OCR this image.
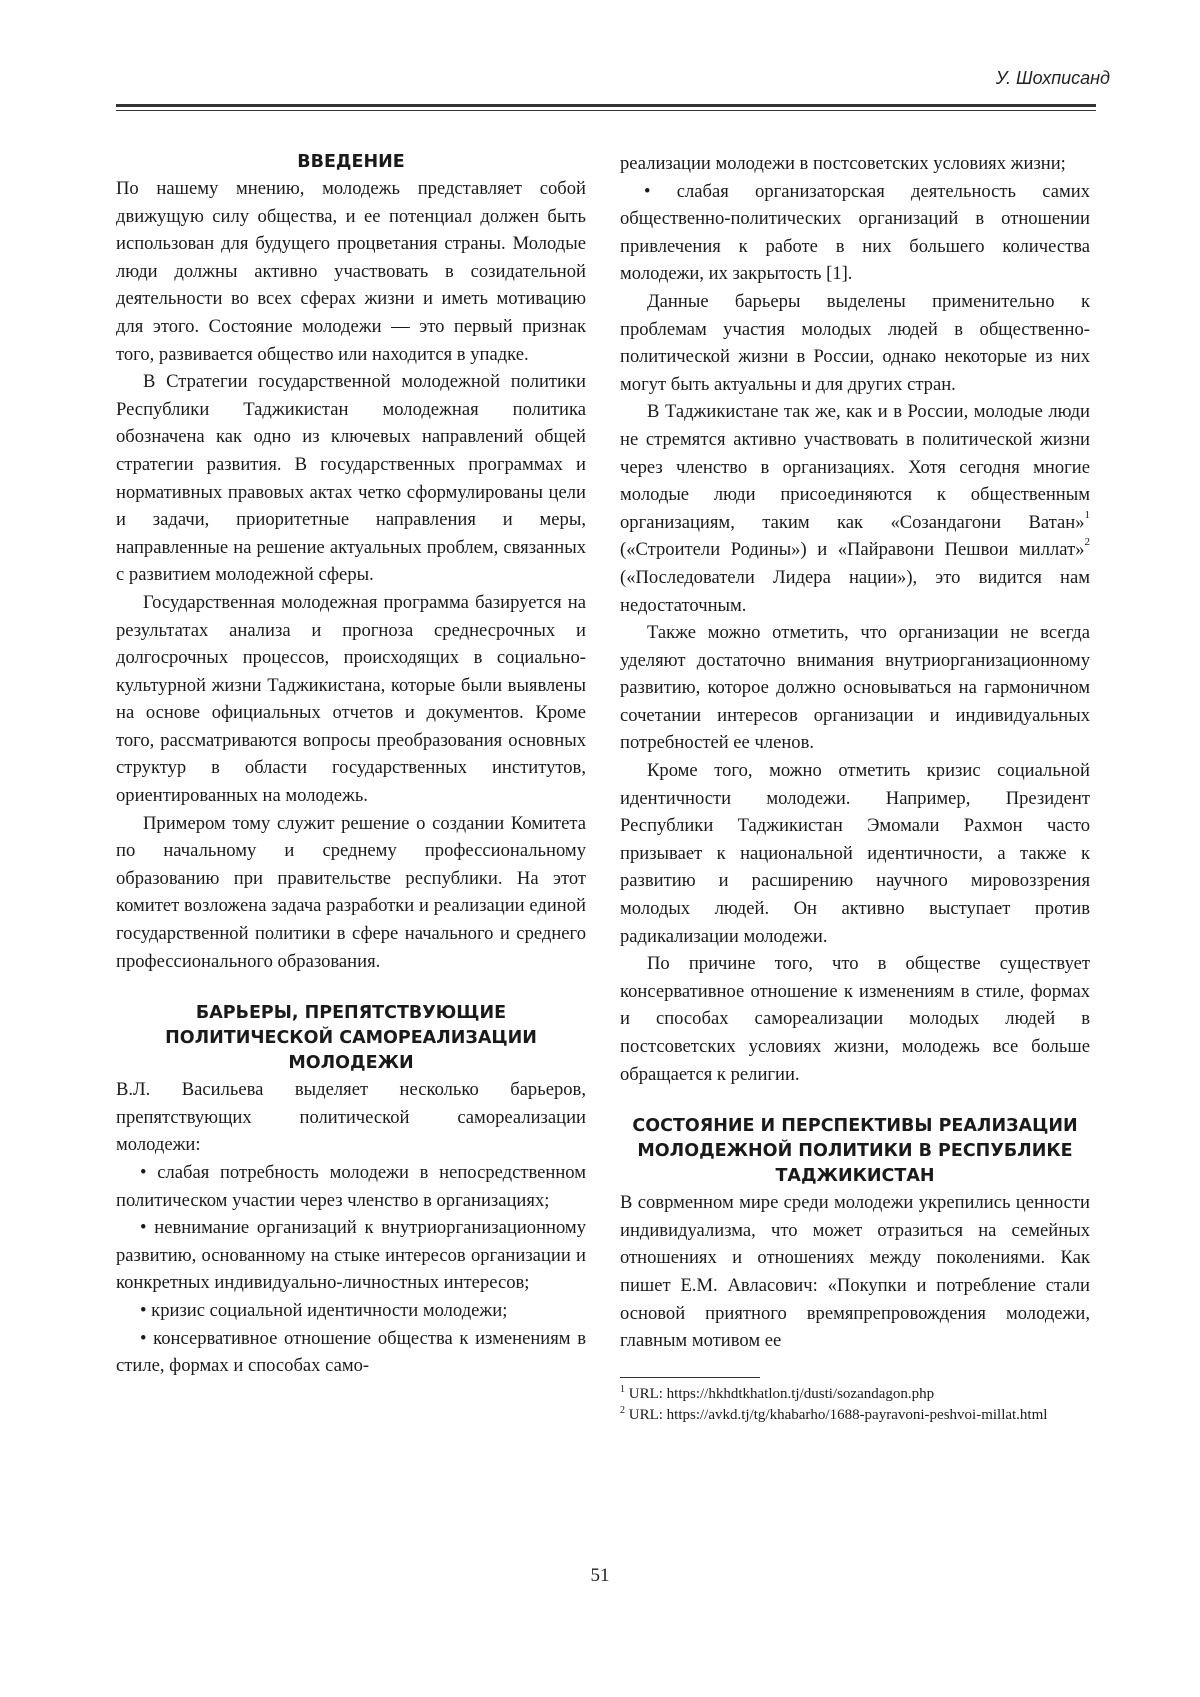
У. Шохписанд
ВВЕДЕНИЕ

По нашему мнению, молодежь представляет собой движущую силу общества, и ее потенциал должен быть использован для будущего процветания страны. Молодые люди должны активно участвовать в созидательной деятельности во всех сферах жизни и иметь мотивацию для этого. Состояние молодежи — это первый признак того, развивается общество или находится в упадке.

В Стратегии государственной молодежной политики Республики Таджикистан молодежная политика обозначена как одно из ключевых направлений общей стратегии развития. В государственных программах и нормативных правовых актах четко сформулированы цели и задачи, приоритетные направления и меры, направленные на решение актуальных проблем, связанных с развитием молодежной сферы.

Государственная молодежная программа базируется на результатах анализа и прогноза среднесрочных и долгосрочных процессов, происходящих в социально-культурной жизни Таджикистана, которые были выявлены на основе официальных отчетов и документов. Кроме того, рассматриваются вопросы преобразования основных структур в области государственных институтов, ориентированных на молодежь.

Примером тому служит решение о создании Комитета по начальному и среднему профессиональному образованию при правительстве республики. На этот комитет возложена задача разработки и реализации единой государственной политики в сфере начального и среднего профессионального образования.

БАРЬЕРЫ, ПРЕПЯТСТВУЮЩИЕ ПОЛИТИЧЕСКОЙ САМОРЕАЛИЗАЦИИ МОЛОДЕЖИ

В.Л. Васильева выделяет несколько барьеров, препятствующих политической самореализации молодежи:

• слабая потребность молодежи в непосредственном политическом участии через членство в организациях;

• невнимание организаций к внутриорганизационному развитию, основанному на стыке интересов организации и конкретных индивидуально-личностных интересов;

• кризис социальной идентичности молодежи;

• консервативное отношение общества к изменениям в стиле, формах и способах само-

реализации молодежи в постсоветских условиях жизни;

• слабая организаторская деятельность самих общественно-политических организаций в отношении привлечения к работе в них большего количества молодежи, их закрытость [1].

Данные барьеры выделены применительно к проблемам участия молодых людей в общественно-политической жизни в России, однако некоторые из них могут быть актуальны и для других стран.

В Таджикистане так же, как и в России, молодые люди не стремятся активно участвовать в политической жизни через членство в организациях. Хотя сегодня многие молодые люди присоединяются к общественным организациям, таким как «Созандагони Ватан»$^1$ («Строители Родины») и «Пайравони Пешвои миллат»$^2$ («Последователи Лидера нации»), это видится нам недостаточным.

Также можно отметить, что организации не всегда уделяют достаточно внимания внутриорганизационному развитию, которое должно основываться на гармоничном сочетании интересов организации и индивидуальных потребностей ее членов.

Кроме того, можно отметить кризис социальной идентичности молодежи. Например, Президент Республики Таджикистан Эмомали Рахмон часто призывает к национальной идентичности, а также к развитию и расширению научного мировоззрения молодых людей. Он активно выступает против радикализации молодежи.

По причине того, что в обществе существует консервативное отношение к изменениям в стиле, формах и способах самореализации молодых людей в постсоветских условиях жизни, молодежь все больше обращается к религии.

СОСТОЯНИЕ И ПЕРСПЕКТИВЫ РЕАЛИЗАЦИИ МОЛОДЕЖНОЙ ПОЛИТИКИ В РЕСПУБЛИКЕ ТАДЖИКИСТАН

В соврменном мире среди молодежи укрепились ценности индивидуализма, что может отразиться на семейных отношениях и отношениях между поколениями. Как пишет Е.М. Авласович: «Покупки и потребление стали основой приятного времяпрепровождения молодежи, главным мотивом ее

$^1$ URL: https://hkhdtkhatlon.tj/dusti/sozandagon.php
$^2$ URL: https://avkd.tj/tg/khabarho/1688-payravoni-peshvoi-millat.html
51
